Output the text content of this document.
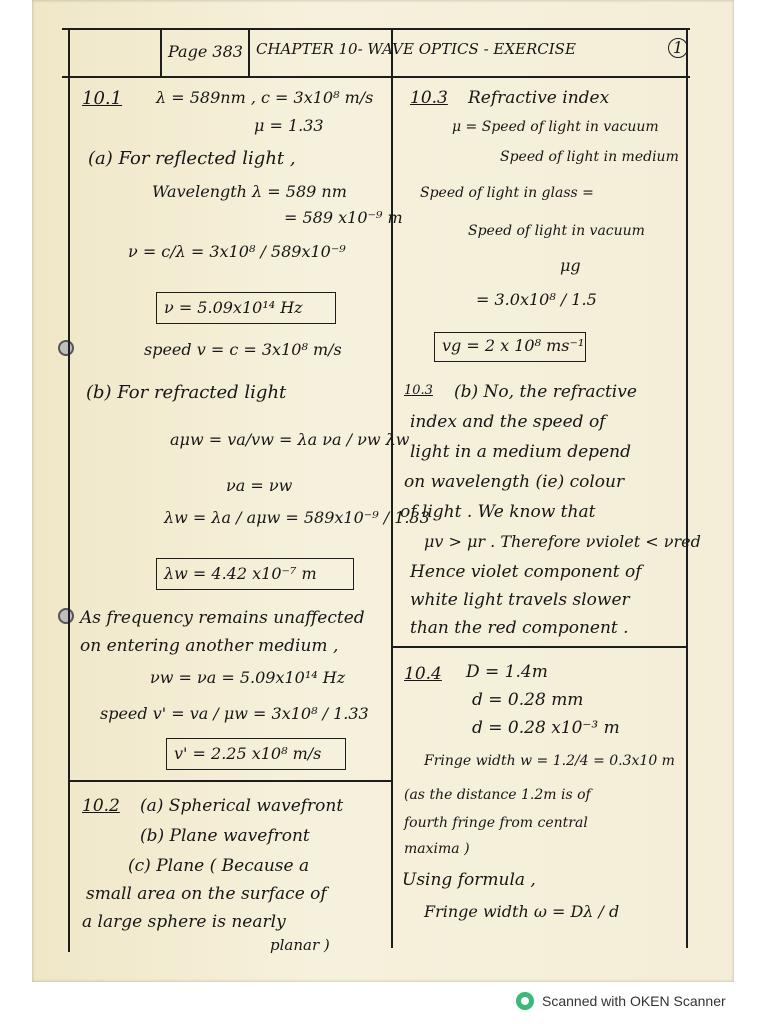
Page 383 CHAPTER 10- WAVE OPTICS - EXERCISE	1
10.1 λ = 589nm , c = 3x10⁸ m/s
μ = 1.33
(a) For reflected light ,
Wavelength λ = 589 nm
= 589 x10⁻⁹ m
ν = c/λ = 3x10⁸ / 589x10⁻⁹
ν = 5.09x10¹⁴ Hz
speed v = c = 3x10⁸ m/s
(b) For refracted light
aμw = va/vw = λa νa / νw λw
νa = νw
λw = λa / aμw = 589x10⁻⁹ / 1.33
λw = 4.42 x10⁻⁷ m
As frequency remains unaffected
on entering another medium ,
νw = νa = 5.09x10¹⁴ Hz
speed v' = va / μw = 3x10⁸ / 1.33
v' = 2.25 x10⁸ m/s
10.2 (a) Spherical wavefront
(b) Plane wavefront
(c) Plane ( Because a
small area on the surface of
a large sphere is nearly
planar )
10.3 Refractive index
μ = Speed of light in vacuum
Speed of light in medium
Speed of light in glass =
Speed of light in vacuum
μg
= 3.0x10⁸ / 1.5
vg = 2 x 10⁸ ms⁻¹
10.3 (b) No, the refractive
index and the speed of
light in a medium depend
on wavelength (ie) colour
of light . We know that
μv > μr . Therefore νviolet < νred
Hence violet component of
white light travels slower
than the red component .
10.4 D = 1.4m
d = 0.28 mm
d = 0.28 x10⁻³ m
Fringe width w = 1.2/4 = 0.3x10 m
(as the distance 1.2m is of
fourth fringe from central
maxima )
Using formula ,
Fringe width ω = Dλ / d
Scanned with OKEN Scanner
